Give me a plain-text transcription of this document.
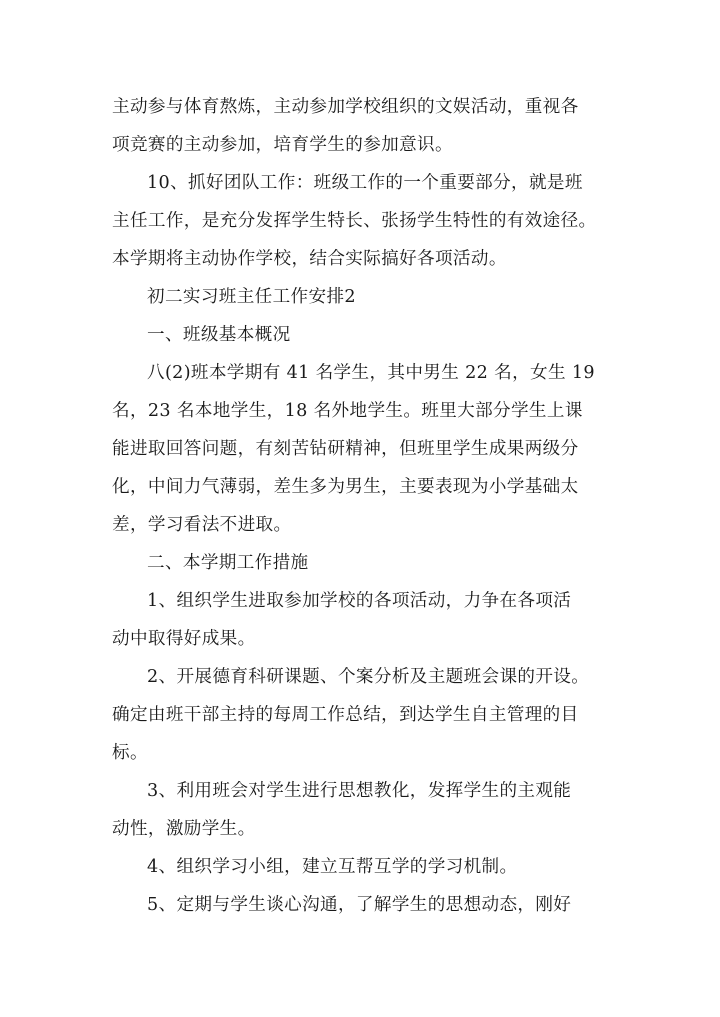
主动参与体育熬炼，主动参加学校组织的文娱活动，重视各
项竞赛的主动参加，培育学生的参加意识。
10、抓好团队工作：班级工作的一个重要部分，就是班
主任工作，是充分发挥学生特长、张扬学生特性的有效途径。
本学期将主动协作学校，结合实际搞好各项活动。
初二实习班主任工作安排2
一、班级基本概况
八(2)班本学期有 41 名学生，其中男生 22 名，女生 19
名，23 名本地学生，18 名外地学生。班里大部分学生上课
能进取回答问题，有刻苦钻研精神，但班里学生成果两级分
化，中间力气薄弱，差生多为男生，主要表现为小学基础太
差，学习看法不进取。
二、本学期工作措施
1、组织学生进取参加学校的各项活动，力争在各项活
动中取得好成果。
2、开展德育科研课题、个案分析及主题班会课的开设。
确定由班干部主持的每周工作总结，到达学生自主管理的目
标。
3、利用班会对学生进行思想教化，发挥学生的主观能
动性，激励学生。
4、组织学习小组，建立互帮互学的学习机制。
5、定期与学生谈心沟通，了解学生的思想动态，刚好
